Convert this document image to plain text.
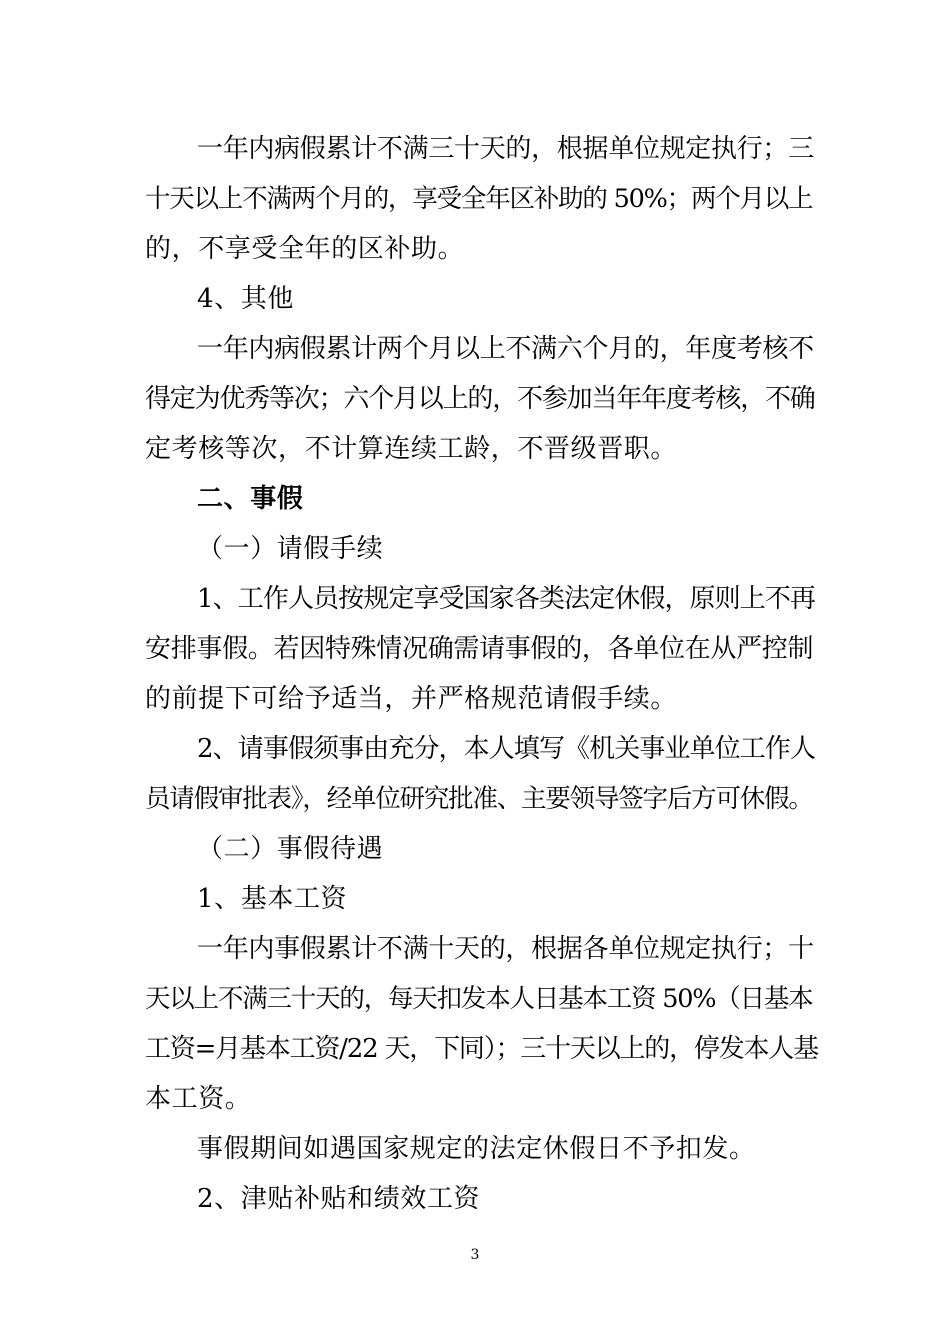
一年内病假累计不满三十天的，根据单位规定执行；三
十天以上不满两个月的，享受全年区补助的 50%；两个月以上
的，不享受全年的区补助。
4、其他
一年内病假累计两个月以上不满六个月的，年度考核不
得定为优秀等次；六个月以上的，不参加当年年度考核，不确
定考核等次，不计算连续工龄，不晋级晋职。
二、事假
（一）请假手续
1、工作人员按规定享受国家各类法定休假，原则上不再
安排事假。若因特殊情况确需请事假的，各单位在从严控制
的前提下可给予适当，并严格规范请假手续。
2、请事假须事由充分，本人填写《机关事业单位工作人
员请假审批表》，经单位研究批准、主要领导签字后方可休假。
（二）事假待遇
1、基本工资
一年内事假累计不满十天的，根据各单位规定执行；十
天以上不满三十天的，每天扣发本人日基本工资 50%（日基本
工资=月基本工资/22 天，下同）；三十天以上的，停发本人基
本工资。
事假期间如遇国家规定的法定休假日不予扣发。
2、津贴补贴和绩效工资
3
